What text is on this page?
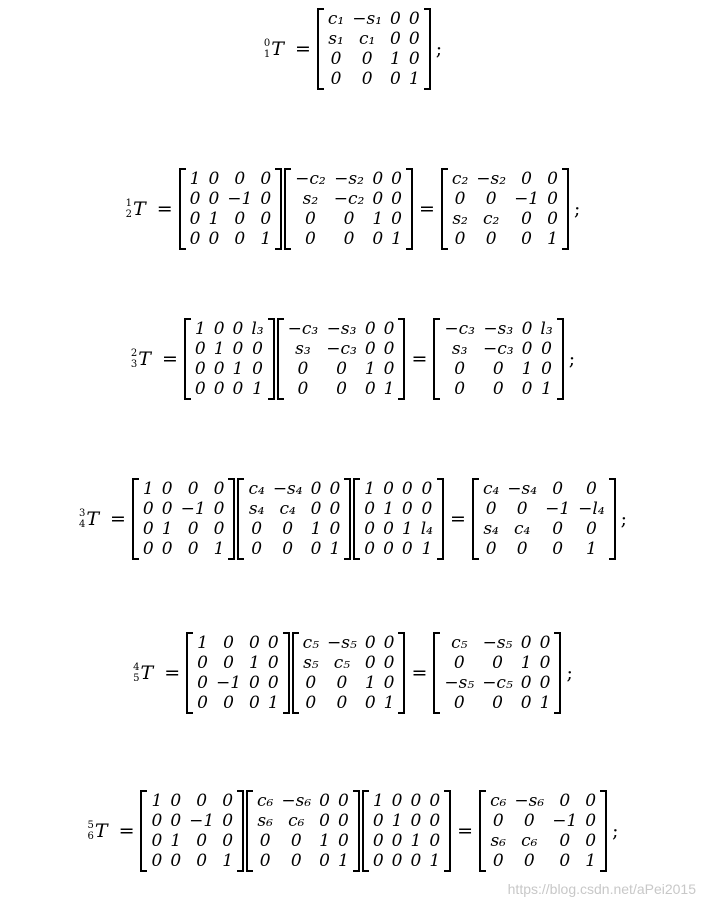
0
1 T =
c₁ −s₁ 0 0
s₁ c₁ 0 0
0	0	1 0
0	0	0 1
;
1
2 T =
1 0 0 0
0 0 −1 0
0 1 0 0
0 0 0 1
−c₂ −s₂ 0 0
s₂ −c₂ 0 0
0	0	1 0
0	0	0 1
=
c₂ −s₂ 0 0
0	0	−1 0
s₂ c₂	0 0
0	0	0 1
;
2
3 T =
1 0 0 l₃
0 1 0 0
0 0 1 0
0 0 0 1
−c₃ −s₃ 0 0
s₃ −c₃ 0 0
0	0	1 0
0	0	0 1
=
−c₃ −s₃ 0 l₃
s₃ −c₃ 0 0
0	0	1 0
0	0	0 1
;
3
4 T =
1 0 0 0
0 0 −1 0
0 1 0 0
0 0 0 1
c₄ −s₄ 0 0
s₄ c₄ 0 0
0	0	1 0
0	0	0 1
1 0 0 0
0 1 0 0
0 0 1 l₄
0 0 0 1
=
c₄ −s₄ 0	0
0	0	−1 −l₄
s₄ c₄	0	0
0	0	0	1
;
4
5 T =
1 0 0 0
0 0 1 0
0 −1 0 0
0 0 0 1
c₅ −s₅ 0 0
s₅ c₅ 0 0
0	0	1 0
0	0	0 1
=
c₅ −s₅ 0 0
0	0	1 0
−s₅ −c₅ 0 0
0	0	0 1
;
5
6 T =
1 0 0 0
0 0 −1 0
0 1 0 0
0 0 0 1
c₆ −s₆ 0 0
s₆ c₆ 0 0
0	0	1 0
0	0	0 1
1 0 0 0
0 1 0 0
0 0 1 0
0 0 0 1
=
c₆ −s₆ 0 0
0	0	−1 0
s₆ c₆	0 0
0	0	0 1
;
https://blog.csdn.net/aPei2015
